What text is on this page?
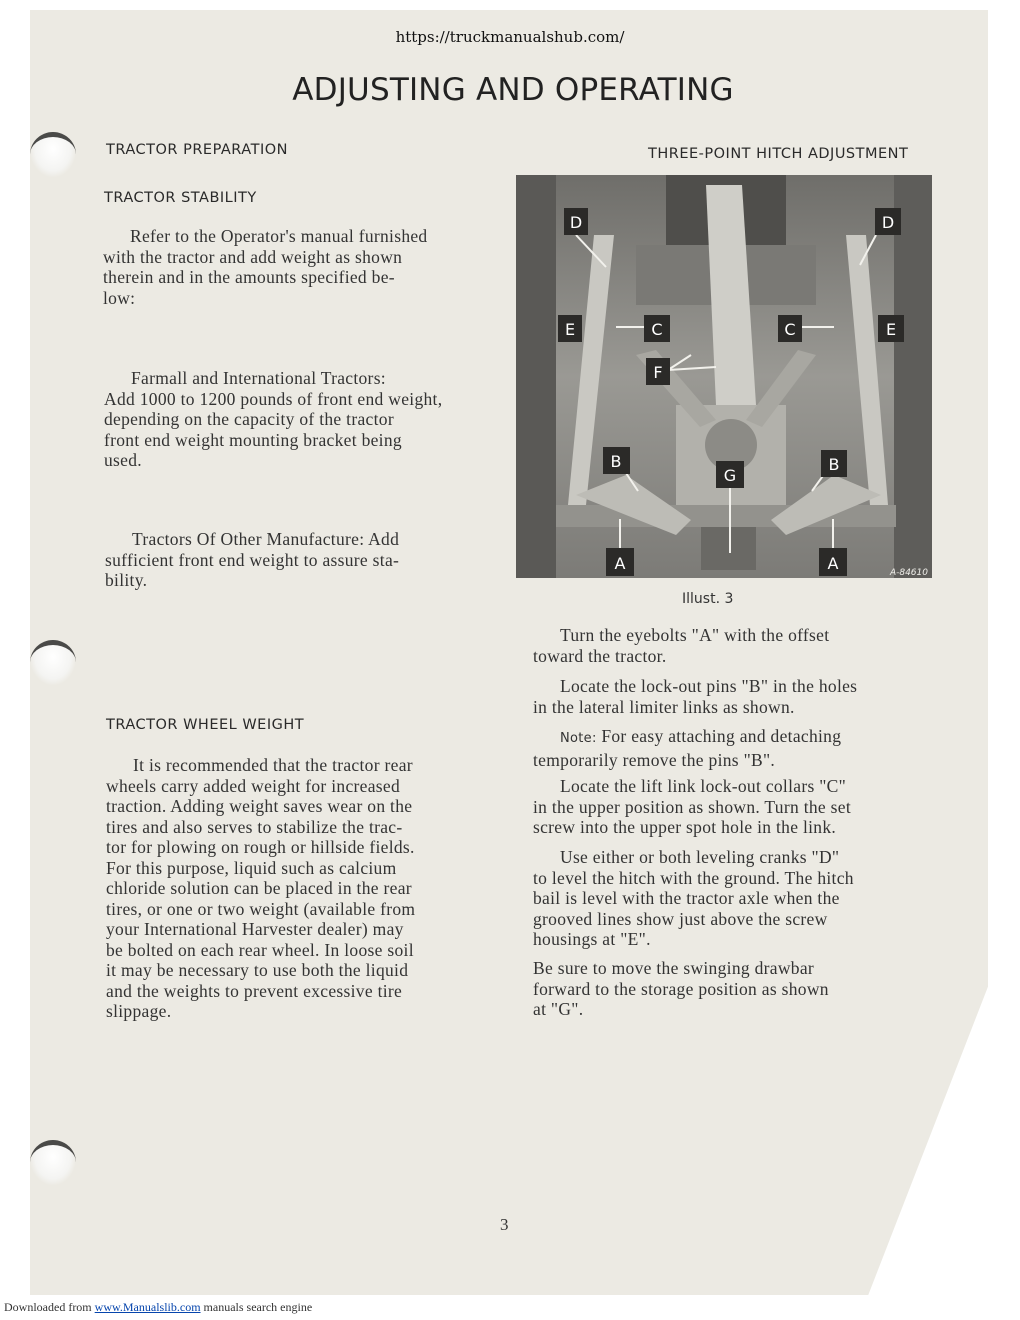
https://truckmanualshub.com/
ADJUSTING AND OPERATING
TRACTOR PREPARATION
TRACTOR STABILITY
Refer to the Operator's manual furnished
with the tractor and add weight as shown
therein and in the amounts specified be-
low:
Farmall and International Tractors:
Add 1000 to 1200 pounds of front end weight,
depending on the capacity of the tractor
front end weight mounting bracket being
used.
Tractors Of Other Manufacture: Add
sufficient front end weight to assure sta-
bility.
TRACTOR WHEEL WEIGHT
It is recommended that the tractor rear
wheels carry added weight for increased
traction. Adding weight saves wear on the
tires and also serves to stabilize the trac-
tor for plowing on rough or hillside fields.
For this purpose, liquid such as calcium
chloride solution can be placed in the rear
tires, or one or two weight (available from
your International Harvester dealer) may
be bolted on each rear wheel. In loose soil
it may be necessary to use both the liquid
and the weights to prevent excessive tire
slippage.
THREE-POINT HITCH ADJUSTMENT
D	D
E	C	C	E
F
B
G
B
A	A	A-84610
Illust. 3
Turn the eyebolts "A" with the offset
toward the tractor.
Locate the lock-out pins "B" in the holes
in the lateral limiter links as shown.
Note: For easy attaching and detaching
temporarily remove the pins "B".
Locate the lift link lock-out collars "C"
in the upper position as shown. Turn the set
screw into the upper spot hole in the link.
Use either or both leveling cranks "D"
to level the hitch with the ground. The hitch
bail is level with the tractor axle when the
grooved lines show just above the screw
housings at "E".
Be sure to move the swinging drawbar
forward to the storage position as shown
at "G".
3
Downloaded from www.Manualslib.com manuals search engine
